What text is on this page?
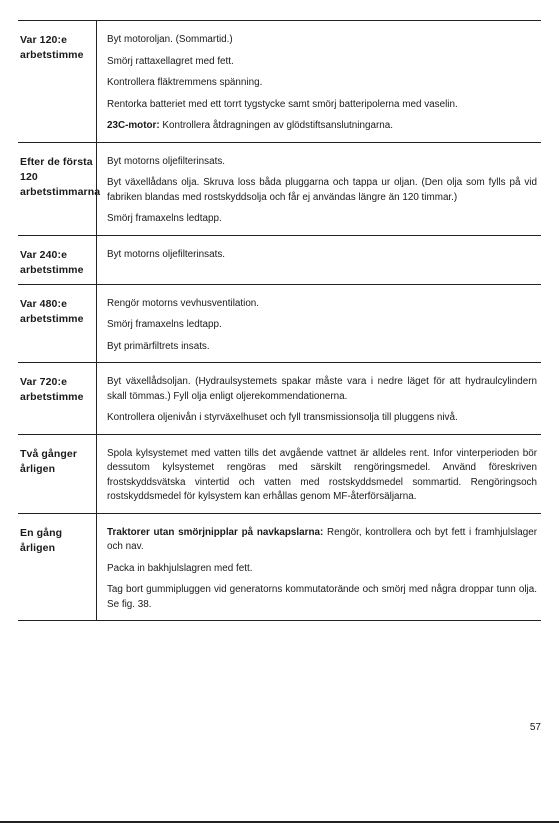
Var 120:e arbetstimme
Byt motoroljan. (Sommartid.)
Smörj rattaxellagret med fett.
Kontrollera fläktremmens spänning.
Rentorka batteriet med ett torrt tygstycke samt smörj batteripolerna med vaselin.
23C-motor: Kontrollera åtdragningen av glödstiftsanslutningarna.
Efter de första 120 arbetstimmarna
Byt motorns oljefilterinsats.
Byt växellådans olja. Skruva loss båda pluggarna och tappa ur oljan. (Den olja som fylls på vid fabriken blandas med rostskyddsolja och får ej användas längre än 120 timmar.)
Smörj framaxelns ledtapp.
Var 240:e arbetstimme
Byt motorns oljefilterinsats.
Var 480:e arbetstimme
Rengör motorns vevhusventilation.
Smörj framaxelns ledtapp.
Byt primärfiltrets insats.
Var 720:e arbetstimme
Byt växellådsoljan. (Hydraulsystemets spakar måste vara i nedre läget för att hydraulcylindern skall tömmas.) Fyll olja enligt oljerekommendationerna.
Kontrollera oljenivån i styrväxelhuset och fyll transmissionsolja till pluggens nivå.
Två gånger årligen
Spola kylsystemet med vatten tills det avgående vattnet är alldeles rent. Infor vinterperioden bör dessutom kylsystemet rengöras med särskilt rengöringsmedel. Använd föreskriven frostskyddsvätska vintertid och vatten med rostskyddsmedel sommartid. Rengöringsoch rostskyddsmedel för kylsystem kan erhållas genom MF-återförsäljarna.
En gång årligen
Traktorer utan smörjnipplar på navkapslarna: Rengör, kontrollera och byt fett i framhjulslager och nav.
Packa in bakhjulslagren med fett.
Tag bort gummipluggen vid generatorns kommutatorände och smörj med några droppar tunn olja. Se fig. 38.
57
